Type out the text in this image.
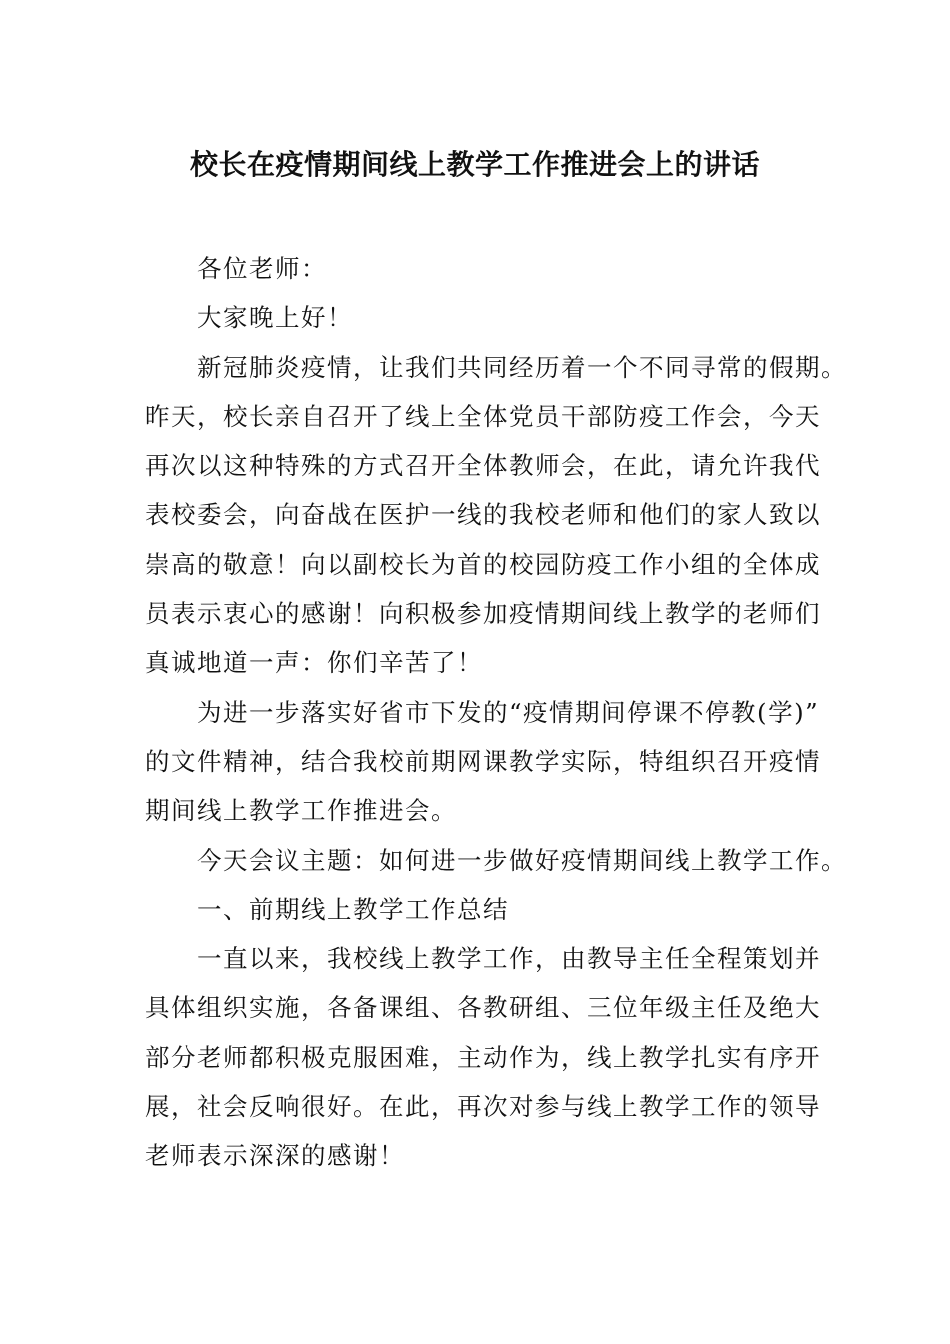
校长在疫情期间线上教学工作推进会上的讲话
各位老师：
大家晚上好！
新冠肺炎疫情，让我们共同经历着一个不同寻常的假期。
昨天，校长亲自召开了线上全体党员干部防疫工作会，今天
再次以这种特殊的方式召开全体教师会，在此，请允许我代
表校委会，向奋战在医护一线的我校老师和他们的家人致以
崇高的敬意！向以副校长为首的校园防疫工作小组的全体成
员表示衷心的感谢！向积极参加疫情期间线上教学的老师们
真诚地道一声：你们辛苦了！
为进一步落实好省市下发的“疫情期间停课不停教(学)”
的文件精神，结合我校前期网课教学实际，特组织召开疫情
期间线上教学工作推进会。
今天会议主题：如何进一步做好疫情期间线上教学工作。
一、前期线上教学工作总结
一直以来，我校线上教学工作，由教导主任全程策划并
具体组织实施，各备课组、各教研组、三位年级主任及绝大
部分老师都积极克服困难，主动作为，线上教学扎实有序开
展，社会反响很好。在此，再次对参与线上教学工作的领导
老师表示深深的感谢！
